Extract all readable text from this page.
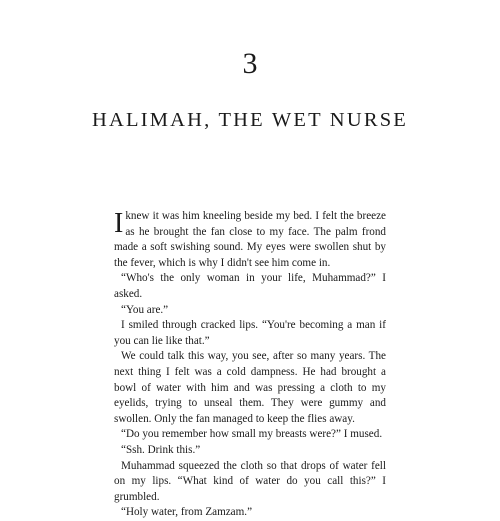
3
HALIMAH, THE WET NURSE

Iknew it was him kneeling beside my bed. I felt the breeze as he brought the fan close to my face. The palm frond made a soft swishing sound. My eyes were swollen shut by the fever, which is why I didn't see him come in.

“Who's the only woman in your life, Muhammad?” I asked.

“You are.”

I smiled through cracked lips. “You're becoming a man if you can lie like that.”

We could talk this way, you see, after so many years. The next thing I felt was a cold dampness. He had brought a bowl of water with him and was pressing a cloth to my eyelids, trying to unseal them. They were gummy and swollen. Only the fan managed to keep the flies away.

“Do you remember how small my breasts were?” I mused.

“Ssh. Drink this.”

Muhammad squeezed the cloth so that drops of water fell on my lips. “What kind of water do you call this?” I grumbled.

“Holy water, from Zamzam.”
